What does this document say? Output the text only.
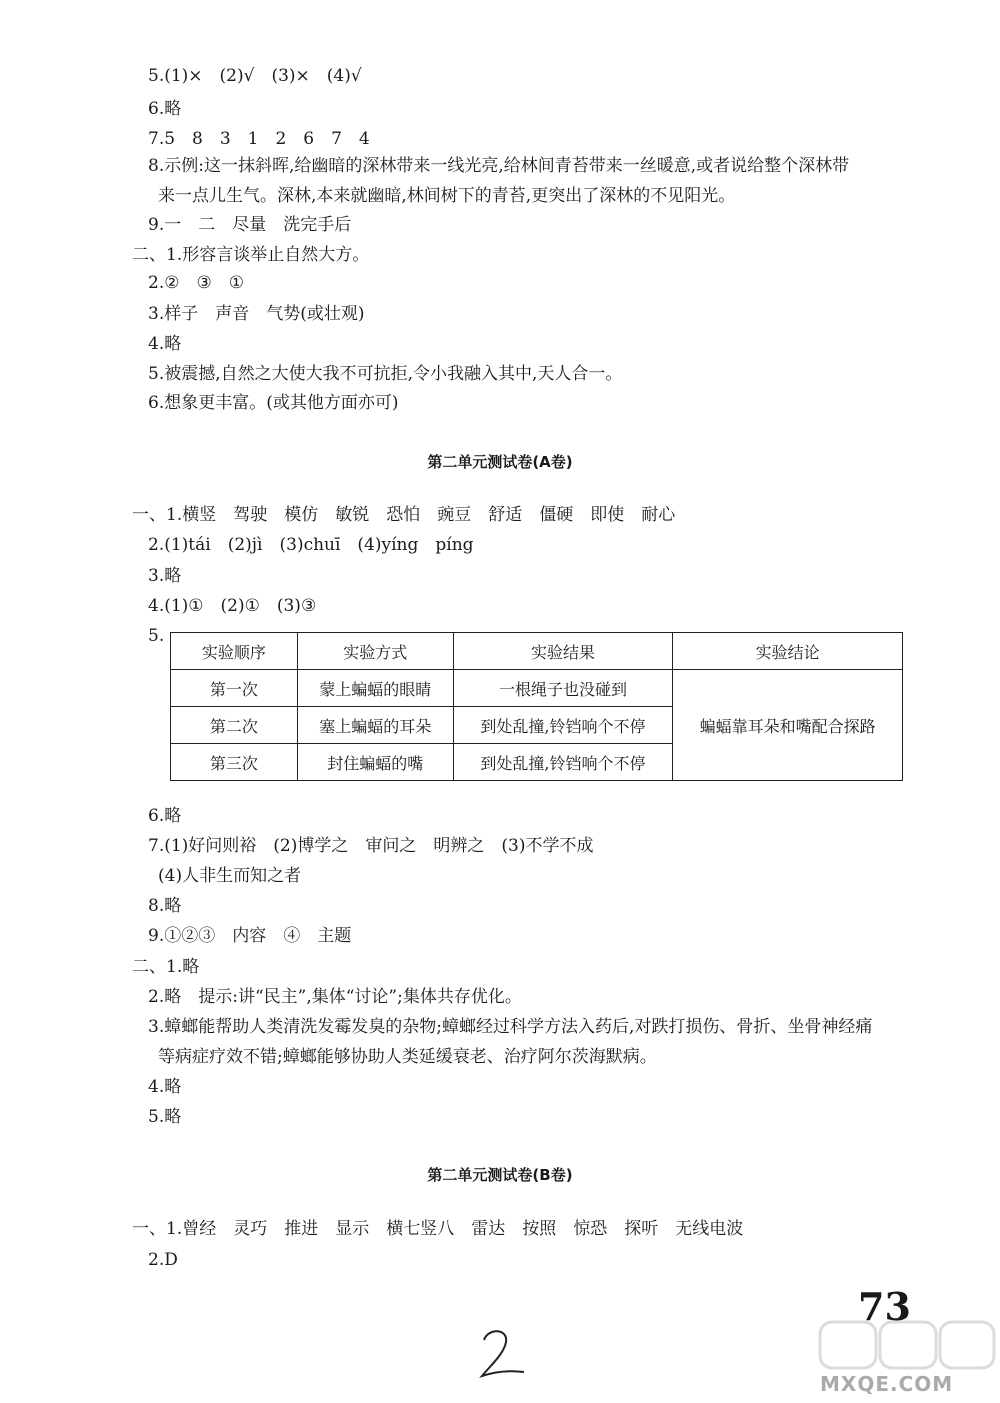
5.(1)×　(2)√　(3)×　(4)√
6.略
7.5　8　3　1　2　6　7　4
8.示例:这一抹斜晖,给幽暗的深林带来一线光亮,给林间青苔带来一丝暖意,或者说给整个深林带
来一点儿生气。深林,本来就幽暗,林间树下的青苔,更突出了深林的不见阳光。
9.一　二　尽量　洗完手后
二、1.形容言谈举止自然大方。
2.②　③　①
3.样子　声音　气势(或壮观)
4.略
5.被震撼,自然之大使大我不可抗拒,令小我融入其中,天人合一。
6.想象更丰富。(或其他方面亦可)
第二单元测试卷(A卷)
一、1.横竖　驾驶　模仿　敏锐　恐怕　豌豆　舒适　僵硬　即使　耐心
2.(1)tái　(2)jì　(3)chuī　(4)yíng　píng
3.略
4.(1)①　(2)①　(3)③
5.
实验顺序	实验方式	实验结果	实验结论
第一次	蒙上蝙蝠的眼睛	一根绳子也没碰到	蝙蝠靠耳朵和嘴配合探路
第二次	塞上蝙蝠的耳朵	到处乱撞,铃铛响个不停	
第三次	封住蝙蝠的嘴	到处乱撞,铃铛响个不停	
6.略
7.(1)好问则裕　(2)博学之　审问之　明辨之　(3)不学不成
(4)人非生而知之者
8.略
9.①②③　内容　④　主题
二、1.略
2.略　提示:讲“民主”,集体“讨论”;集体共存优化。
3.蟑螂能帮助人类清洗发霉发臭的杂物;蟑螂经过科学方法入药后,对跌打损伤、骨折、坐骨神经痛
等病症疗效不错;蟑螂能够协助人类延缓衰老、治疗阿尔茨海默病。
4.略
5.略
第二单元测试卷(B卷)
一、1.曾经　灵巧　推进　显示　横七竖八　雷达　按照　惊恐　探听　无线电波
2.D
73
MXQE.COM
